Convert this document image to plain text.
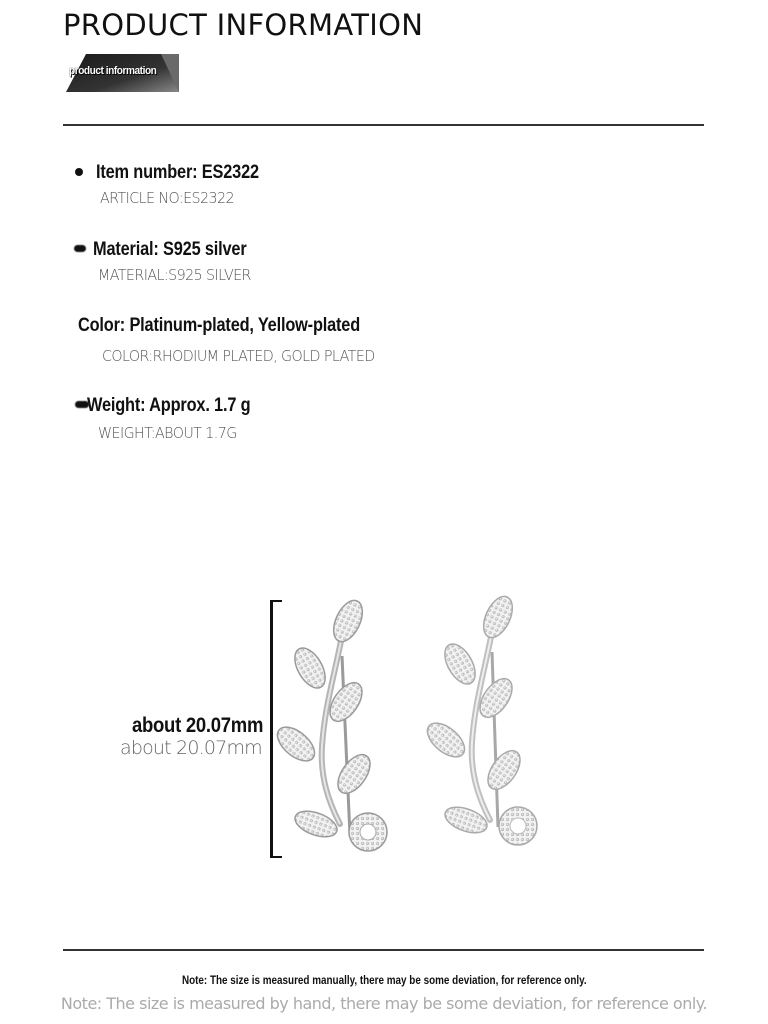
PRODUCT INFORMATION
product information
Item number: ES2322
ARTICLE NO:ES2322
Material: S925 silver
MATERIAL:S925 SILVER
Color: Platinum-plated, Yellow-plated
COLOR:RHODIUM PLATED, GOLD PLATED
Weight: Approx. 1.7 g
WEIGHT:ABOUT 1.7G
about 20.07mm
about 20.07mm
Note: The size is measured manually, there may be some deviation, for reference only.
Note: The size is measured by hand, there may be some deviation, for reference only.
